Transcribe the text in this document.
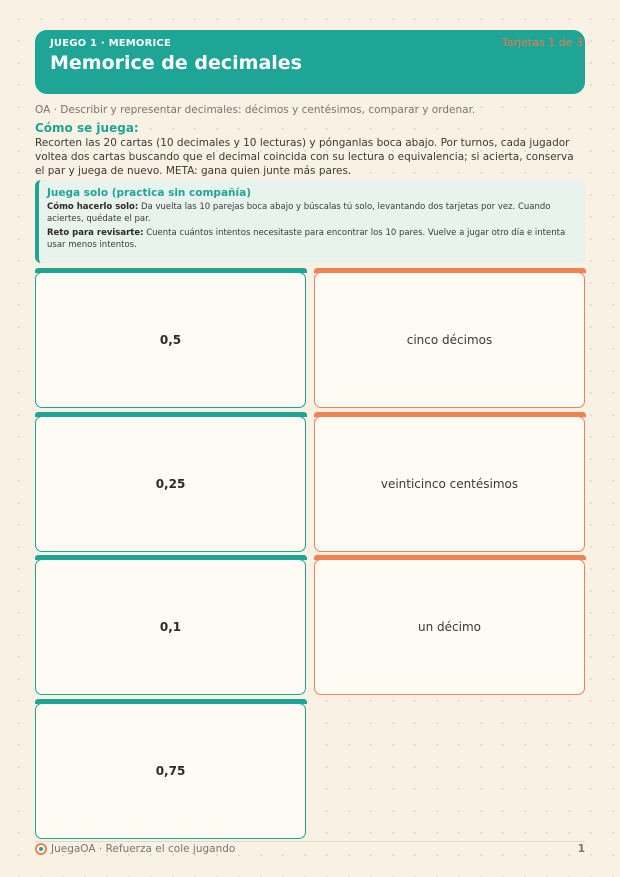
JUEGO 1 · MEMORICE
Memorice de decimales
Tarjetas 1 de 3
OA · Describir y representar decimales: décimos y centésimos, comparar y ordenar.
Cómo se juega:
Recorten las 20 cartas (10 decimales y 10 lecturas) y pónganlas boca abajo. Por turnos, cada jugador voltea dos cartas buscando que el decimal coincida con su lectura o equivalencia; si acierta, conserva el par y juega de nuevo. META: gana quien junte más pares.
Juega solo (practica sin compañía)
Cómo hacerlo solo: Da vuelta las 10 parejas boca abajo y búscalas tú solo, levantando dos tarjetas por vez. Cuando aciertes, quédate el par.
Reto para revisarte: Cuenta cuántos intentos necesitaste para encontrar los 10 pares. Vuelve a jugar otro día e intenta usar menos intentos.
0,5	cinco décimos
0,25	veinticinco centésimos
0,1	un décimo
0,75
JuegaOA · Refuerza el cole jugando	1
